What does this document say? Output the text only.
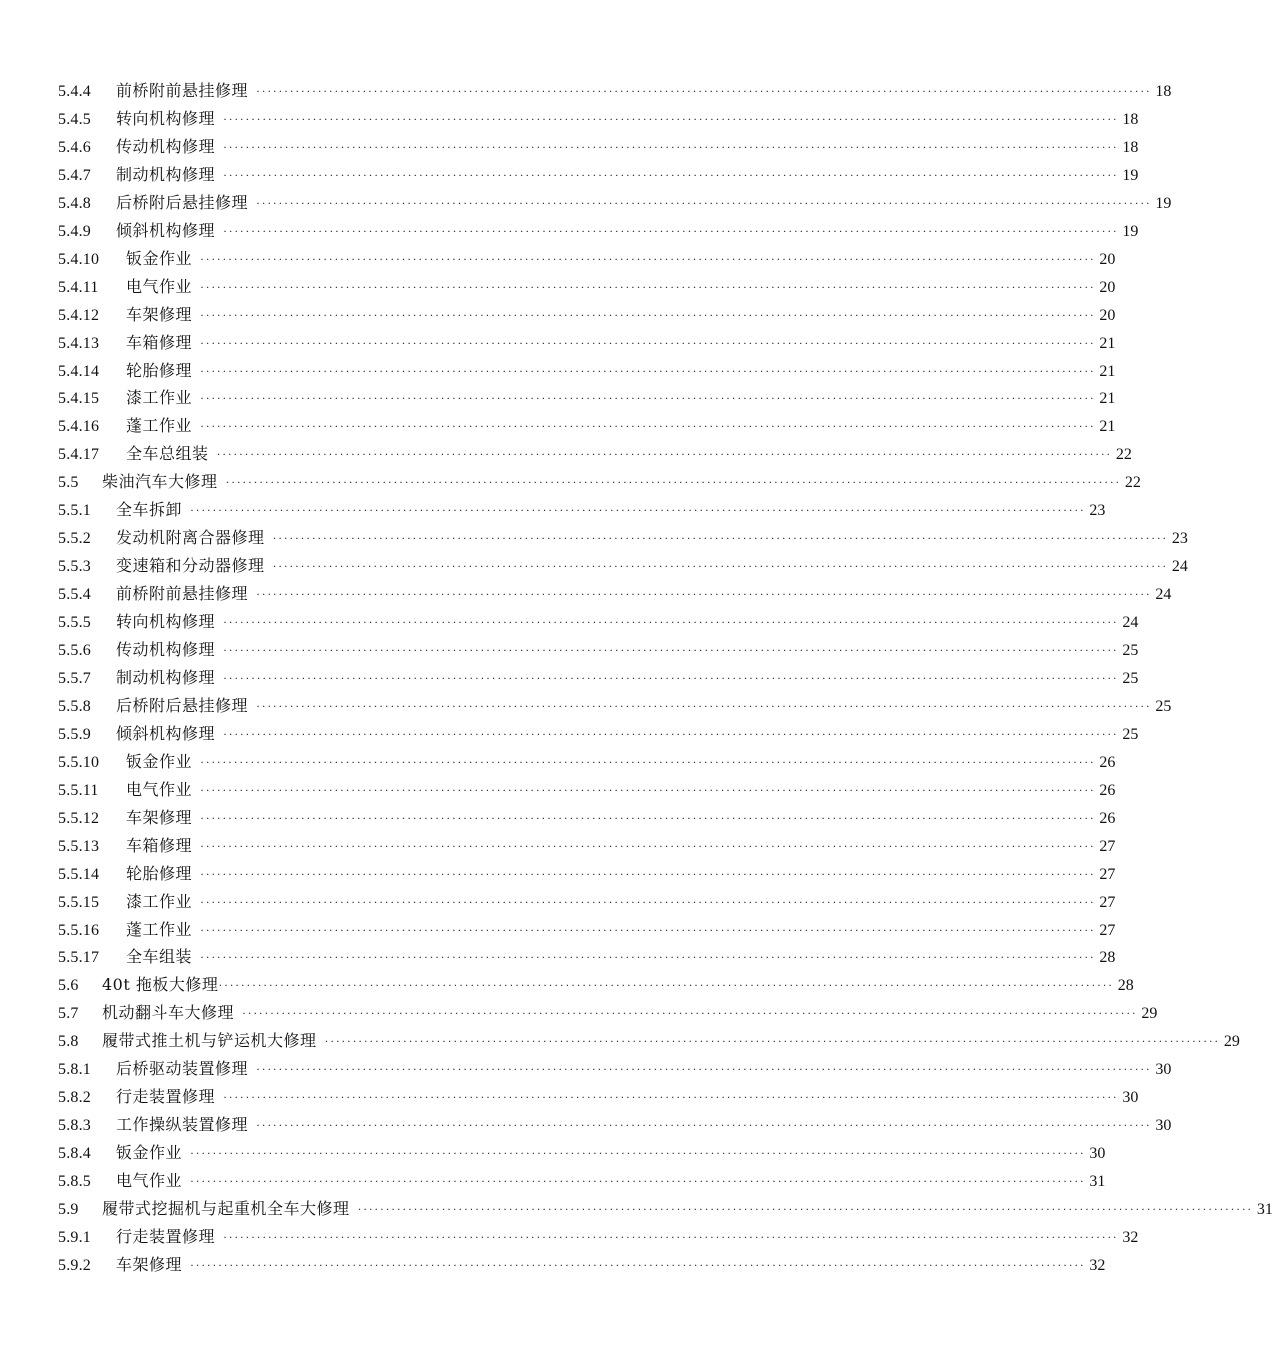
5.4.4	前桥附前悬挂修理 ································································································································································ 18
5.4.5	转向机构修理 ································································································································································ 18
5.4.6	传动机构修理 ································································································································································ 18
5.4.7	制动机构修理 ································································································································································ 19
5.4.8	后桥附后悬挂修理 ································································································································································ 19
5.4.9	倾斜机构修理 ································································································································································ 19
5.4.10	钣金作业 ································································································································································ 20
5.4.11	电气作业 ································································································································································ 20
5.4.12	车架修理 ································································································································································ 20
5.4.13	车箱修理 ································································································································································ 21
5.4.14	轮胎修理 ································································································································································ 21
5.4.15	漆工作业 ································································································································································ 21
5.4.16	蓬工作业 ································································································································································ 21
5.4.17	全车总组装 ································································································································································ 22
5.5	柴油汽车大修理 ································································································································································ 22
5.5.1	全车拆卸 ································································································································································ 23
5.5.2	发动机附离合器修理 ································································································································································ 23
5.5.3	变速箱和分动器修理 ································································································································································ 24
5.5.4	前桥附前悬挂修理 ································································································································································ 24
5.5.5	转向机构修理 ································································································································································ 24
5.5.6	传动机构修理 ································································································································································ 25
5.5.7	制动机构修理 ································································································································································ 25
5.5.8	后桥附后悬挂修理 ································································································································································ 25
5.5.9	倾斜机构修理 ································································································································································ 25
5.5.10	钣金作业 ································································································································································ 26
5.5.11	电气作业 ································································································································································ 26
5.5.12	车架修理 ································································································································································ 26
5.5.13	车箱修理 ································································································································································ 27
5.5.14	轮胎修理 ································································································································································ 27
5.5.15	漆工作业 ································································································································································ 27
5.5.16	蓬工作业 ································································································································································ 27
5.5.17	全车组装 ································································································································································ 28
5.6	40t 拖板大修理 ································································································································································ 28
5.7	机动翻斗车大修理 ································································································································································ 29
5.8	履带式推土机与铲运机大修理 ································································································································································ 29
5.8.1	后桥驱动装置修理 ································································································································································ 30
5.8.2	行走装置修理 ································································································································································ 30
5.8.3	工作操纵装置修理 ································································································································································ 30
5.8.4	钣金作业 ································································································································································ 30
5.8.5	电气作业 ································································································································································ 31
5.9	履带式挖掘机与起重机全车大修理 ································································································································································ 31
5.9.1	行走装置修理 ································································································································································ 32
5.9.2	车架修理 ································································································································································ 32
